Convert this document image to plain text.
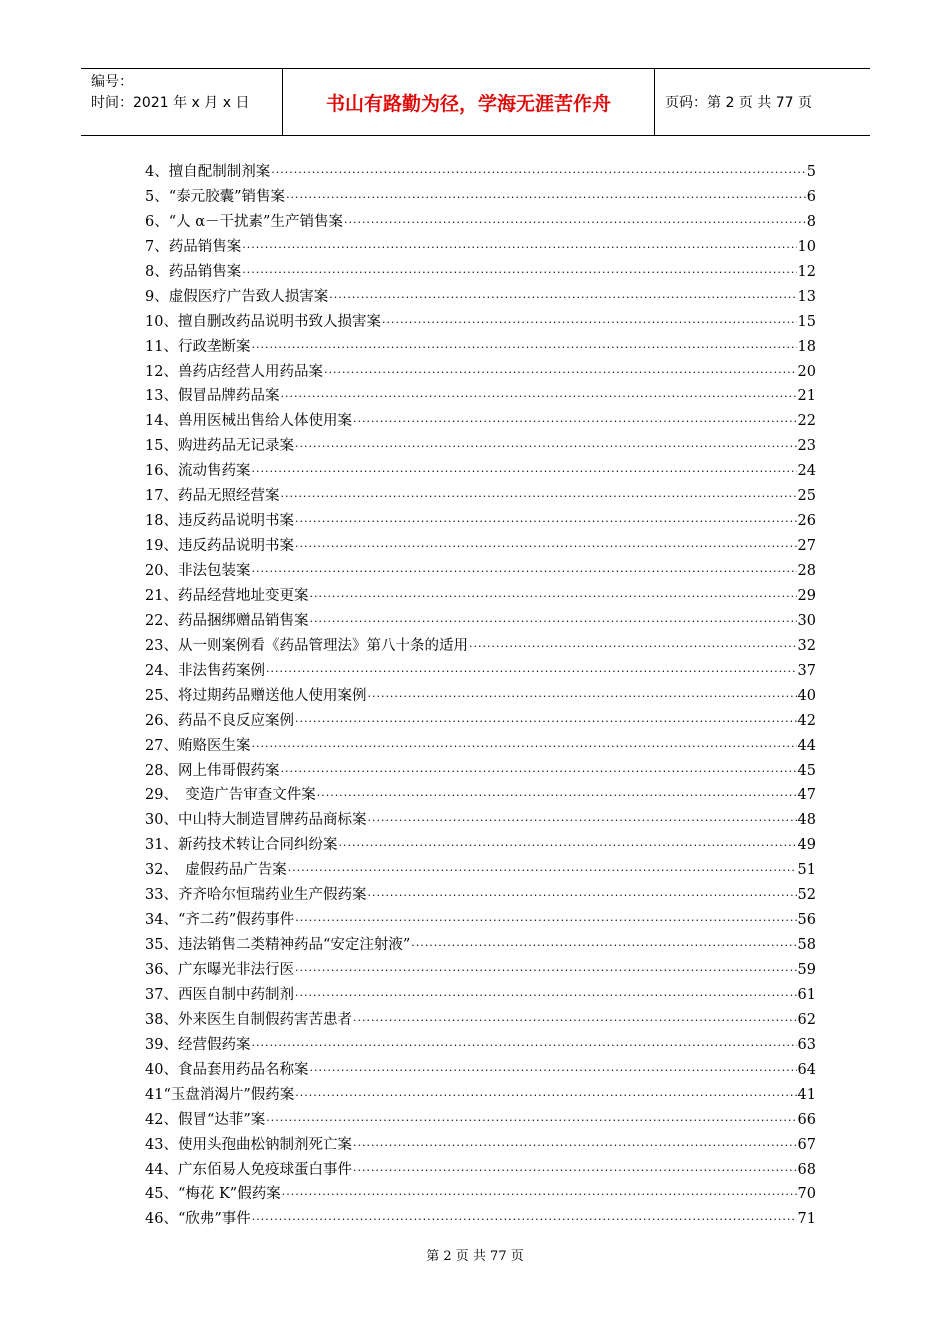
编号：
时间：2021 年 x 月 x 日	书山有路勤为径，学海无涯苦作舟	页码：第 2 页 共 77 页
4、擅自配制制剂案 ·····	5
5、“泰元胶囊”销售案 ·····	6
6、“人 α－干扰素”生产销售案 ·····	8
7、药品销售案 ·····	10
8、药品销售案 ·····	12
9、虚假医疗广告致人损害案 ·····	13
10、擅自删改药品说明书致人损害案 ·····	15
11、行政垄断案 ·····	18
12、兽药店经营人用药品案 ·····	20
13、假冒品牌药品案 ·····	21
14、兽用医械出售给人体使用案 ·····	22
15、购进药品无记录案 ·····	23
16、流动售药案 ·····	24
17、药品无照经营案 ·····	25
18、违反药品说明书案 ·····	26
19、违反药品说明书案 ·····	27
20、非法包装案 ·····	28
21、药品经营地址变更案 ·····	29
22、药品捆绑赠品销售案 ·····	30
23、从一则案例看《药品管理法》第八十条的适用 ·····	32
24、非法售药案例 ·····	37
25、将过期药品赠送他人使用案例 ·····	40
26、药品不良反应案例 ·····	42
27、贿赂医生案 ·····	44
28、网上伟哥假药案 ·····	45
29、　变造广告审查文件案 ·····	47
30、中山特大制造冒牌药品商标案 ·····	48
31、新药技术转让合同纠纷案 ·····	49
32、　虚假药品广告案 ·····	51
33、齐齐哈尔恒瑞药业生产假药案 ·····	52
34、“齐二药”假药事件 ·····	56
35、违法销售二类精神药品“安定注射液” ·····	58
36、广东曝光非法行医 ·····	59
37、西医自制中药制剂 ·····	61
38、外来医生自制假药害苦患者 ·····	62
39、经营假药案 ·····	63
40、食品套用药品名称案 ·····	64
41“玉盘消渴片”假药案 ·····	41
42、假冒“达菲”案 ·····	66
43、使用头孢曲松钠制剂死亡案 ·····	67
44、广东佰易人免疫球蛋白事件 ·····	68
45、“梅花 K”假药案 ·····	70
46、“欣弗”事件 ·····	71
第 2 页 共 77 页
